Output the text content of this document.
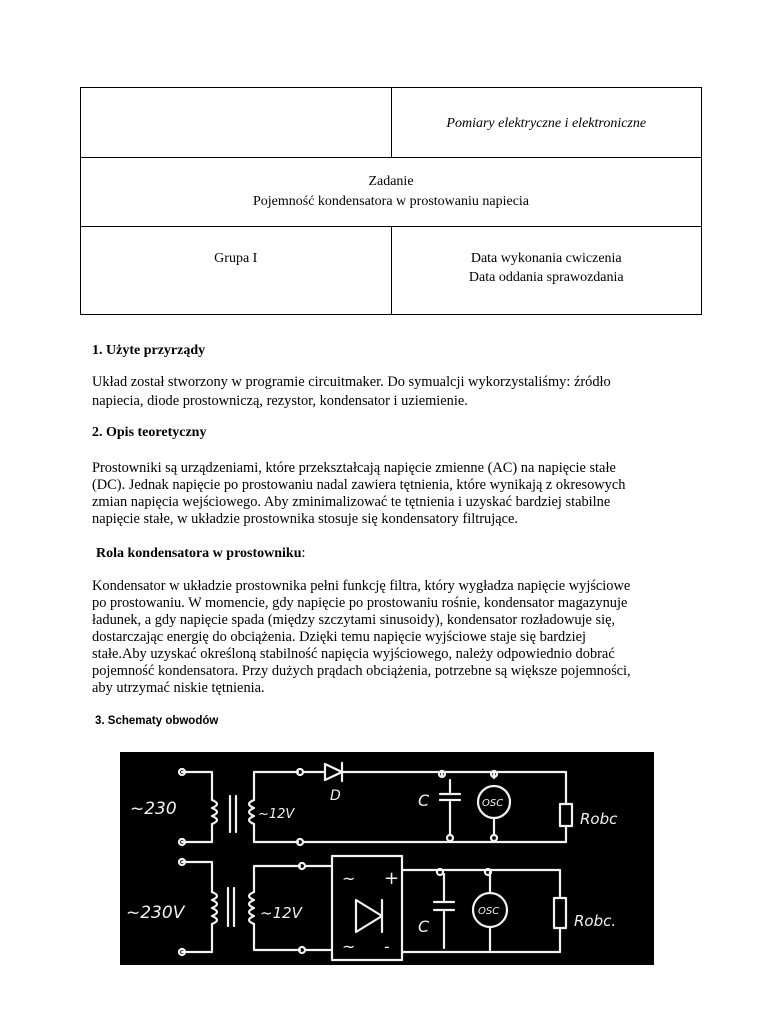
	Pomiary elektryczne i elektroniczne

Zadanie
Pojemność kondensatora w prostowaniu napiecia	

Grupa I	Data wykonania cwiczenia
Data oddania sprawozdania
1. Użyte przyrządy
Układ został stworzony w programie circuitmaker. Do symualcji wykorzystaliśmy: źródło
napiecia, diode prostowniczą, rezystor, kondensator i uziemienie.
2. Opis teoretyczny
Prostowniki są urządzeniami, które przekształcają napięcie zmienne (AC) na napięcie stałe
(DC). Jednak napięcie po prostowaniu nadal zawiera tętnienia, które wynikają z okresowych
zmian napięcia wejściowego. Aby zminimalizować te tętnienia i uzyskać bardziej stabilne
napięcie stałe, w układzie prostownika stosuje się kondensatory filtrujące.
Rola kondensatora w prostowniku:
Kondensator w układzie prostownika pełni funkcję filtra, który wygładza napięcie wyjściowe
po prostowaniu. W momencie, gdy napięcie po prostowaniu rośnie, kondensator magazynuje
ładunek, a gdy napięcie spada (między szczytami sinusoidy), kondensator rozładowuje się,
dostarczając energię do obciążenia. Dzięki temu napięcie wyjściowe staje się bardziej
stałe.Aby uzyskać określoną stabilność napięcia wyjściowego, należy odpowiednio dobrać
pojemność kondensatora. Przy dużych prądach obciążenia, potrzebne są większe pojemności,
aby utrzymać niskie tętnienia.
3. Schematy obwodów
~230	~12V
D	C	OSC
Robc
~230V	~12V
~ +
~ -
C
OSC
Robc.
